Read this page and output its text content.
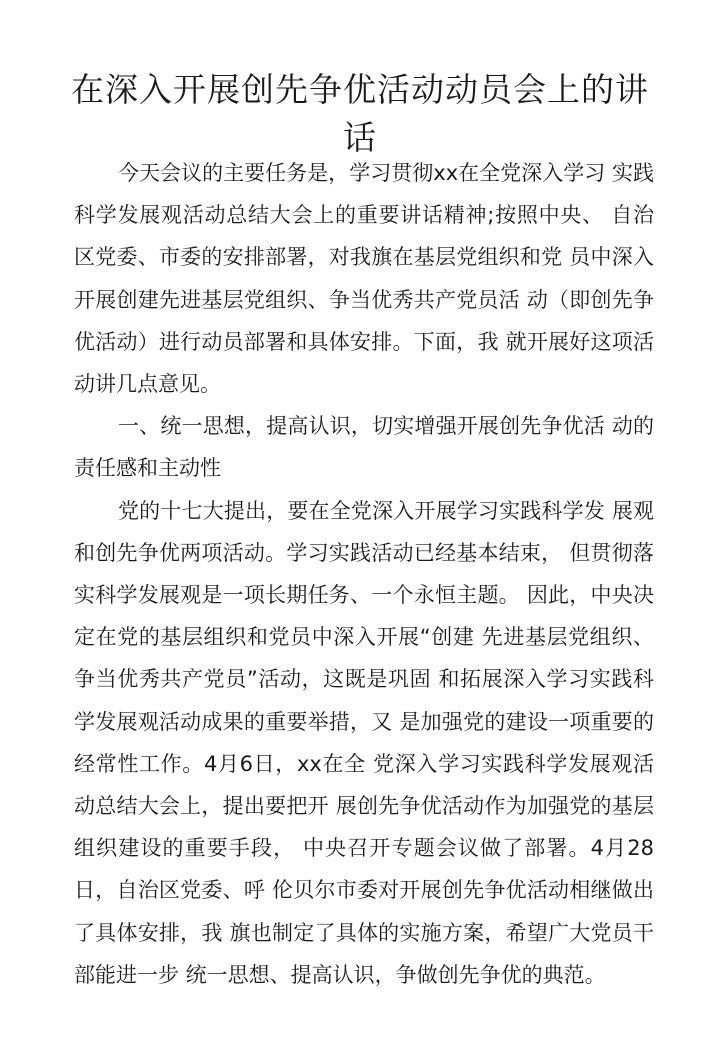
在深入开展创先争优活动动员会上的讲话

今天会议的主要任务是，学习贯彻xx在全党深入学习 实践科学发展观活动总结大会上的重要讲话精神;按照中央、 自治区党委、市委的安排部署，对我旗在基层党组织和党 员中深入开展创建先进基层党组织、争当优秀共产党员活 动（即创先争优活动）进行动员部署和具体安排。下面，我 就开展好这项活动讲几点意见。

一、统一思想，提高认识，切实增强开展创先争优活 动的责任感和主动性

党的十七大提出，要在全党深入开展学习实践科学发 展观和创先争优两项活动。学习实践活动已经基本结束， 但贯彻落实科学发展观是一项长期任务、一个永恒主题。 因此，中央决定在党的基层组织和党员中深入开展“创建 先进基层党组织、争当优秀共产党员”活动，这既是巩固 和拓展深入学习实践科学发展观活动成果的重要举措，又 是加强党的建设一项重要的经常性工作。4月6日，xx在全 党深入学习实践科学发展观活动总结大会上，提出要把开 展创先争优活动作为加强党的基层组织建设的重要手段， 中央召开专题会议做了部署。4月28日，自治区党委、呼 伦贝尔市委对开展创先争优活动相继做出了具体安排，我 旗也制定了具体的实施方案，希望广大党员干部能进一步 统一思想、提高认识，争做创先争优的典范。
